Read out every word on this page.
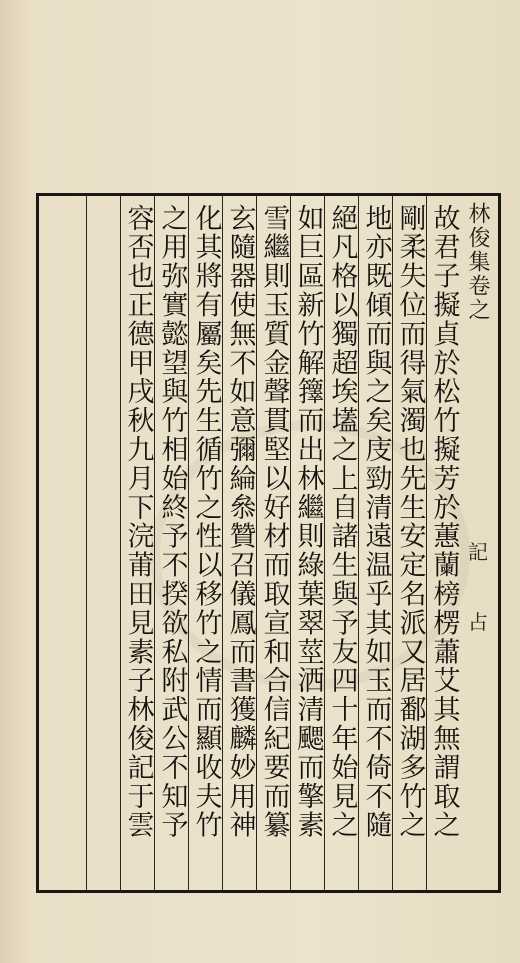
林俊集卷之
記
占
故君子擬貞於松竹擬芳於蕙蘭榜楞蕭艾其無謂取之
剛柔失位而得氣濁也先生安定名派又居鄱湖多竹之
地亦既傾而與之矣庋勁清遠温乎其如玉而不倚不隨
絕凡格以獨超埃壒之上自諸生與予友四十年始見之
如巨區新竹解籜而出林繼則綠葉翠莖洒清颸而擎素
雪繼則玉質金聲貫堅以好材而取宣和合信紀要而纂
玄隨器使無不如意彌綸叅贊召儀鳳而書獲麟妙用神
化其將有屬矣先生循竹之性以移竹之情而顯收夫竹
之用弥實懿望與竹相始終予不揆欲私附武公不知予
容否也正德甲戌秋九月下浣莆田見素子林俊記于雲
